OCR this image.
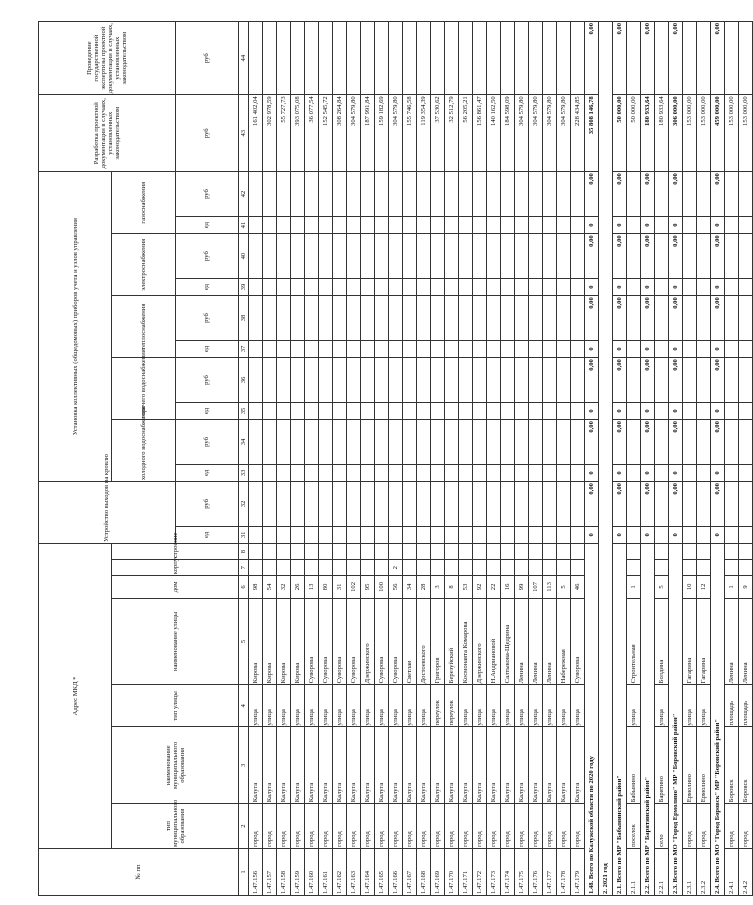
№ пп	Адрес МКД *							Устройство выходов на кровлю		Установка коллективных (общедомовых) приборов учета и узлов управления										Разработка проектной документации в случаях, установленных законодательством	Проведение государственной экспертизы проектной документации в случаях, установленных законодательством
	тип муниципального образования	наименование муниципального образования	тип улицы	наименование улицы	дом	корпус	строение			холодного водоснабжения		горячего водоснабжения		теплоснабжения		электроснабжения		газоснабжения			
								ед	руб	ед	руб	ед	руб	ед	руб	ед	руб	ед	руб	руб	руб
1	2	3	4	5	6	7	8	31	32	33	34	35	36	37	38	39	40	41	42	43	44
1.47.156	город	Калуга	улица	Кирова	98															161 402,04	
1.47.157	город	Калуга	улица	Кирова	54															302 978,59	
1.47.158	город	Калуга	улица	Кирова	32															55 727,73	
1.47.159	город	Калуга	улица	Кирова	26															393 075,08	
1.47.160	город	Калуга	улица	Суворова	13															36 077,54	
1.47.161	город	Калуга	улица	Суворова	80															152 545,72	
1.47.162	город	Калуга	улица	Суворова	31															308 264,84	
1.47.163	город	Калуга	улица	Суворова	102															304 579,80	
1.47.164	город	Калуга	улица	Дзержинского	95															187 991,84	
1.47.165	город	Калуга	улица	Суворова	100															159 182,69	
1.47.166	город	Калуга	улица	Суворова	56	2														304 579,80	
1.47.167	город	Калуга	улица	Светлая	34															155 746,58	
1.47.168	город	Калуга	улица	Достоевского	28															119 354,39	
1.47.169	город	Калуга	переулок	Григоров	3															37 530,62	
1.47.170	город	Калуга	переулок	Березуйский	8															32 512,79	
1.47.171	город	Калуга	улица	Космонавта Комарова	53															56 205,21	
1.47.172	город	Калуга	улица	Дзержинского	92															156 861,47	
1.47.173	город	Калуга	улица	Н.Андриановой	22															140 162,50	
1.47.174	город	Калуга	улица	Салтыкова-Щедрина	16															184 598,09	
1.47.175	город	Калуга	улица	Ленина	99															304 579,80	
1.47.176	город	Калуга	улица	Ленина	107															304 579,80	
1.47.177	город	Калуга	улица	Ленина	113															304 579,80	
1.47.178	город	Калуга	улица	Набережная	5															304 579,80	
1.47.179	город	Калуга	улица	Суворова	46															228 434,85	
1.48. Всего по Калужской области по 2020 году								0	0,00	0	0,00	0	0,00	0	0,00	0	0,00	0	0,00	35 808 146,78	0,00
2. 2021 год																					
2.1. Всего по МР "Бабынинский район"								0	0,00	0	0,00	0	0,00	0	0,00	0	0,00	0	0,00	50 000,00	0,00
2.1.1	поселок	Бабынино	улица	Строительная	1															50 000,00	
2.2. Всего по МР "Барятинский район"								0	0,00	0	0,00	0	0,00	0	0,00	0	0,00	0	0,00	180 933,64	0,00
2.2.1	село	Барятино	улица	Болдина	5															180 933,64	
2.3. Всего по МО "Город Ермолино" МР "Боровский район"								0	0,00	0	0,00	0	0,00	0	0,00	0	0,00	0	0,00	306 000,00	0,00
2.3.1	город	Ермолино	улица	Гагарина	10															153 000,00	
2.3.2	город	Ермолино	улица	Гагарина	12															153 000,00	
2.4. Всего по МО "Город Боровск" МР "Боровский район"								0	0,00	0	0,00	0	0,00	0	0,00	0	0,00	0	0,00	459 000,00	0,00
2.4.1	город	Боровск	площадь	Ленина	1															153 000,00	
2.4.2	город	Боровск	площадь	Ленина	9															153 000,00	
